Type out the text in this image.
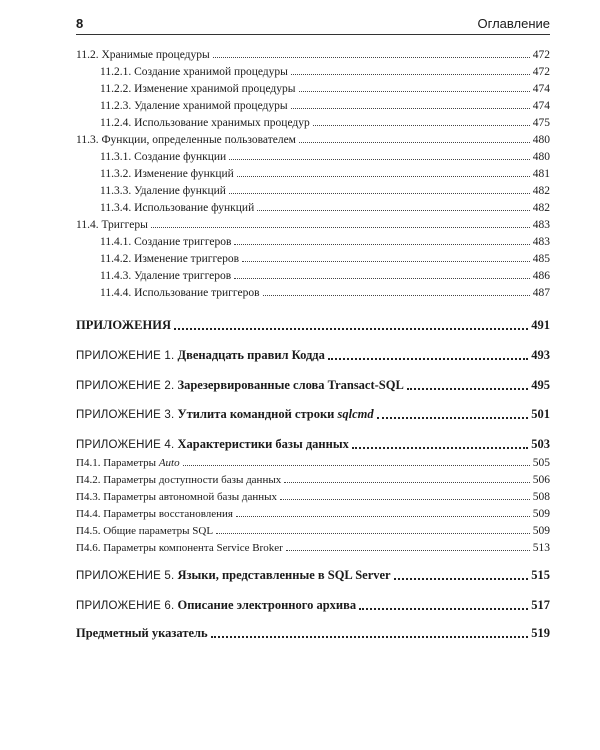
8	Оглавление
11.2. Хранимые процедуры	472
11.2.1. Создание хранимой процедуры	472
11.2.2. Изменение хранимой процедуры	474
11.2.3. Удаление хранимой процедуры	474
11.2.4. Использование хранимых процедур	475
11.3. Функции, определенные пользователем	480
11.3.1. Создание функции	480
11.3.2. Изменение функций	481
11.3.3. Удаление функций	482
11.3.4. Использование функций	482
11.4. Триггеры	483
11.4.1. Создание триггеров	483
11.4.2. Изменение триггеров	485
11.4.3. Удаление триггеров	486
11.4.4. Использование триггеров	487
ПРИЛОЖЕНИЯ	491
ПРИЛОЖЕНИЕ 1. Двенадцать правил Кодда	493
ПРИЛОЖЕНИЕ 2. Зарезервированные слова Transact-SQL	495
ПРИЛОЖЕНИЕ 3. Утилита командной строки sqlcmd	501
ПРИЛОЖЕНИЕ 4. Характеристики базы данных	503
П4.1. Параметры Auto	505
П4.2. Параметры доступности базы данных	506
П4.3. Параметры автономной базы данных	508
П4.4. Параметры восстановления	509
П4.5. Общие параметры SQL	509
П4.6. Параметры компонента Service Broker	513
ПРИЛОЖЕНИЕ 5. Языки, представленные в SQL Server	515
ПРИЛОЖЕНИЕ 6. Описание электронного архива	517
Предметный указатель	519
